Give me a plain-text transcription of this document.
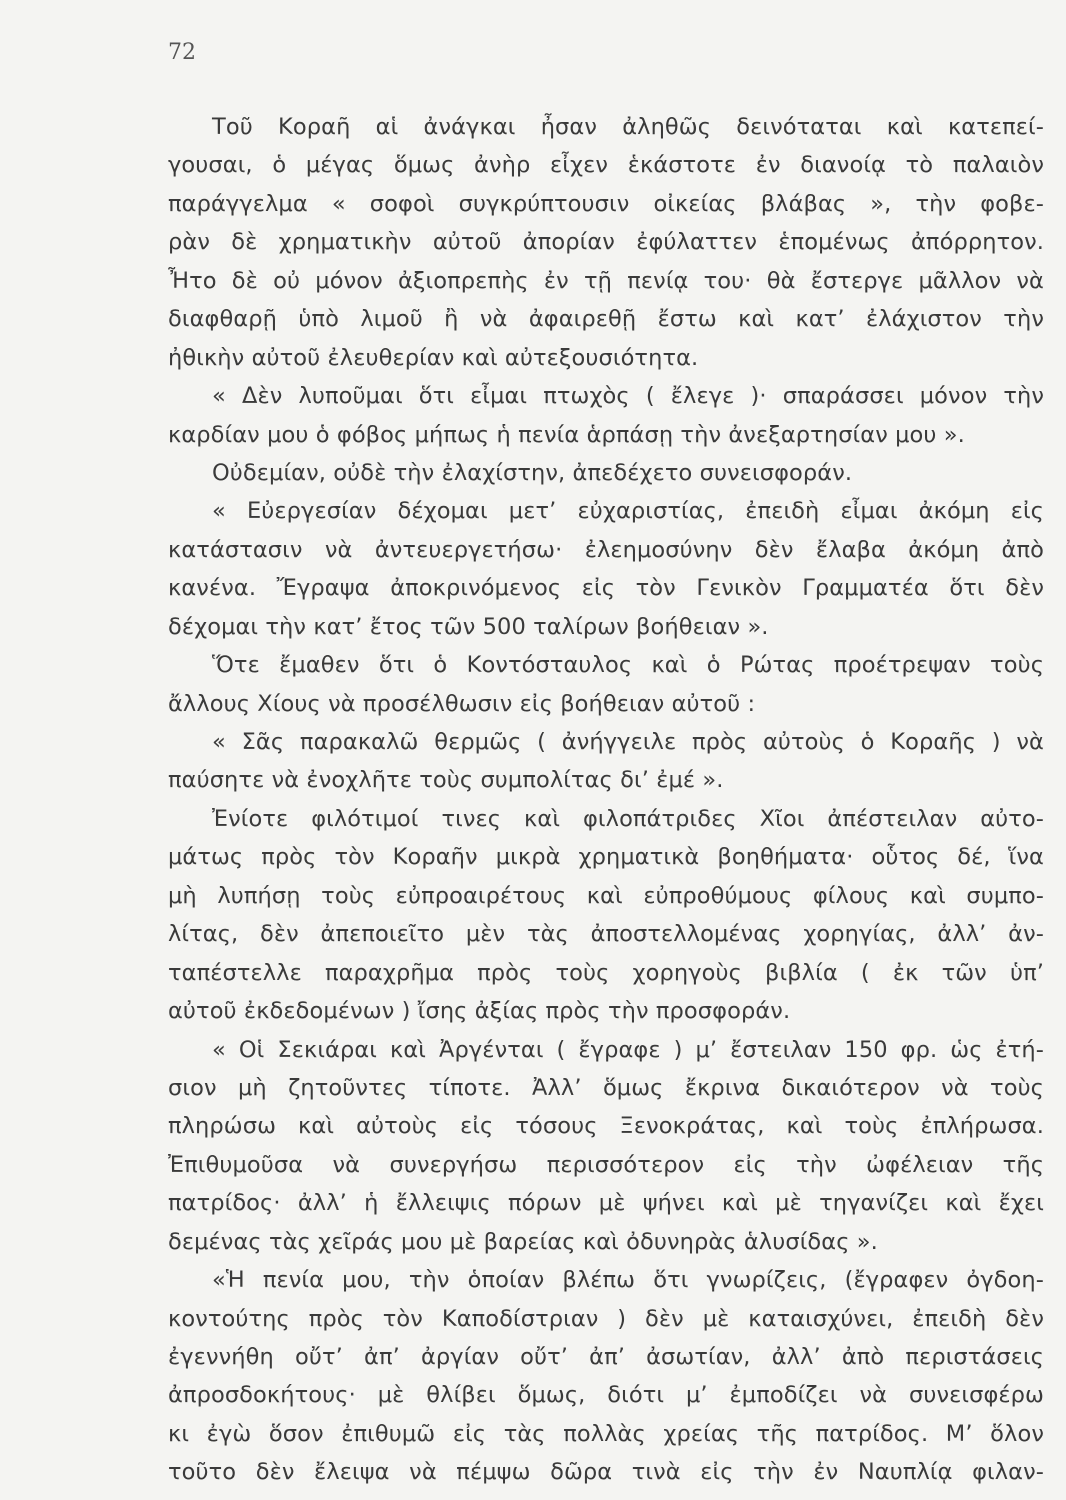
72
Τοῦ Κοραῆ αἱ ἀνάγκαι ἦσαν ἀληθῶς δεινόταται καὶ κατεπεί-
γουσαι, ὁ μέγας ὅμως ἀνὴρ εἶχεν ἑκάστοτε ἐν διανοίᾳ τὸ παλαιὸν
παράγγελμα « σοφοὶ συγκρύπτουσιν οἰκείας βλάβας », τὴν φοβε-
ρὰν δὲ χρηματικὴν αὐτοῦ ἀπορίαν ἐφύλαττεν ἑπομένως ἀπόρρητον.
Ἦτο δὲ οὐ μόνον ἀξιοπρεπὴς ἐν τῇ πενίᾳ του· θὰ ἔστεργε μᾶλλον νὰ
διαφθαρῇ ὑπὸ λιμοῦ ἢ νὰ ἀφαιρεθῇ ἔστω καὶ κατ’ ἐλάχιστον τὴν
ἠθικὴν αὐτοῦ ἐλευθερίαν καὶ αὐτεξουσιότητα.
« Δὲν λυποῦμαι ὅτι εἶμαι πτωχὸς ( ἔλεγε )· σπαράσσει μόνον τὴν
καρδίαν μου ὁ φόβος μήπως ἡ πενία ἁρπάσῃ τὴν ἀνεξαρτησίαν μου ».
Οὐδεμίαν, οὐδὲ τὴν ἐλαχίστην, ἀπεδέχετο συνεισφοράν.
« Εὐεργεσίαν δέχομαι μετ’ εὐχαριστίας, ἐπειδὴ εἶμαι ἀκόμη εἰς
κατάστασιν νὰ ἀντευεργετήσω· ἐλεημοσύνην δὲν ἔλαβα ἀκόμη ἀπὸ
κανένα. Ἔγραψα ἀποκρινόμενος εἰς τὸν Γενικὸν Γραμματέα ὅτι δὲν
δέχομαι τὴν κατ’ ἔτος τῶν 500 ταλίρων βοήθειαν ».
Ὅτε ἔμαθεν ὅτι ὁ Κοντόσταυλος καὶ ὁ Ρώτας προέτρεψαν τοὺς
ἄλλους Χίους νὰ προσέλθωσιν εἰς βοήθειαν αὐτοῦ :
« Σᾶς παρακαλῶ θερμῶς ( ἀνήγγειλε πρὸς αὐτοὺς ὁ Κοραῆς ) νὰ
παύσητε νὰ ἐνοχλῆτε τοὺς συμπολίτας δι’ ἐμέ ».
Ἐνίοτε φιλότιμοί τινες καὶ φιλοπάτριδες Χῖοι ἀπέστειλαν αὐτο-
μάτως πρὸς τὸν Κοραῆν μικρὰ χρηματικὰ βοηθήματα· οὗτος δέ, ἵνα
μὴ λυπήσῃ τοὺς εὐπροαιρέτους καὶ εὐπροθύμους φίλους καὶ συμπο-
λίτας, δὲν ἀπεποιεῖτο μὲν τὰς ἀποστελλομένας χορηγίας, ἀλλ’ ἀν-
ταπέστελλε παραχρῆμα πρὸς τοὺς χορηγοὺς βιβλία ( ἐκ τῶν ὑπ’
αὐτοῦ ἐκδεδομένων ) ἴσης ἀξίας πρὸς τὴν προσφοράν.
« Οἱ Σεκιάραι καὶ Ἀργένται ( ἔγραφε ) μ’ ἔστειλαν 150 φρ. ὡς ἐτή-
σιον μὴ ζητοῦντες τίποτε. Ἀλλ’ ὅμως ἔκρινα δικαιότερον νὰ τοὺς
πληρώσω καὶ αὐτοὺς εἰς τόσους Ξενοκράτας, καὶ τοὺς ἐπλήρωσα.
Ἐπιθυμοῦσα νὰ συνεργήσω περισσότερον εἰς τὴν ὠφέλειαν τῆς
πατρίδος· ἀλλ’ ἡ ἔλλειψις πόρων μὲ ψήνει καὶ μὲ τηγανίζει καὶ ἔχει
δεμένας τὰς χεῖράς μου μὲ βαρείας καὶ ὀδυνηρὰς ἁλυσίδας ».
«Ἡ πενία μου, τὴν ὁποίαν βλέπω ὅτι γνωρίζεις, (ἔγραφεν ὀγδοη-
κοντούτης πρὸς τὸν Καποδίστριαν ) δὲν μὲ καταισχύνει, ἐπειδὴ δὲν
ἐγεννήθη οὔτ’ ἀπ’ ἀργίαν οὔτ’ ἀπ’ ἀσωτίαν, ἀλλ’ ἀπὸ περιστάσεις
ἀπροσδοκήτους· μὲ θλίβει ὅμως, διότι μ’ ἐμποδίζει νὰ συνεισφέρω
κι ἐγὼ ὅσον ἐπιθυμῶ εἰς τὰς πολλὰς χρείας τῆς πατρίδος. Μ’ ὅλον
τοῦτο δὲν ἔλειψα νὰ πέμψω δῶρα τινὰ εἰς τὴν ἐν Ναυπλίᾳ φιλαν-
